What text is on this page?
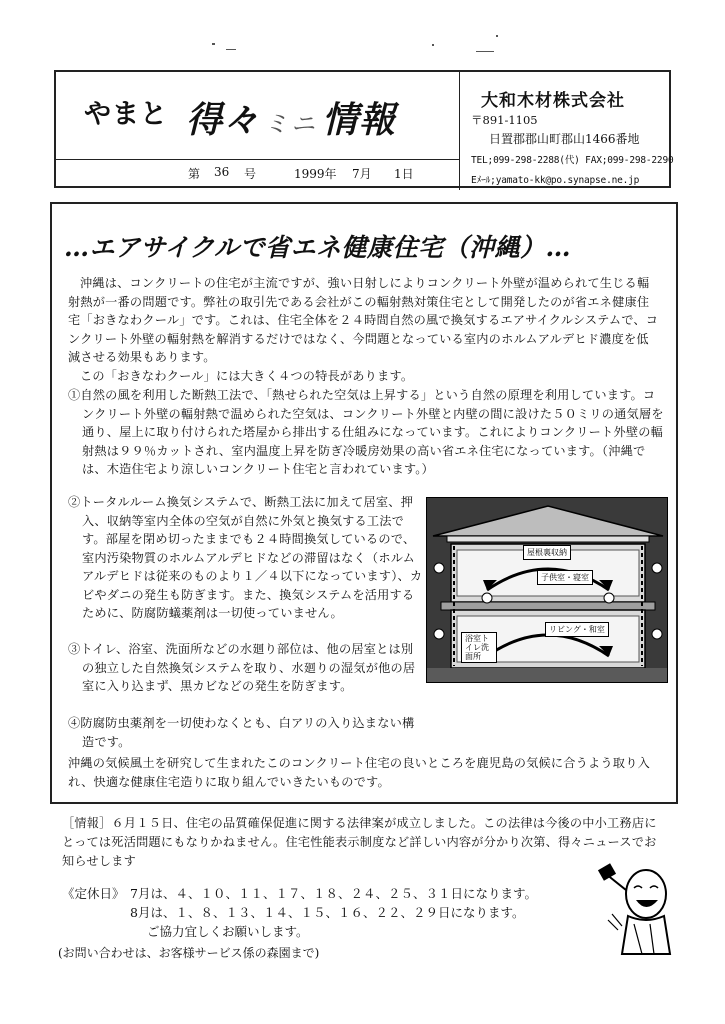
やまと 得々 ミニ 情報
第 36 号	1999年 7月 1日
大和木材株式会社
〒891-1105
日置郡郡山町郡山1466番地
TEL;099-298-2288(代) FAX;099-298-2290
Eﾒｰﾙ;yamato-kk@po.synapse.ne.jp
…エアサイクルで省エネ健康住宅（沖縄）…

沖縄は、コンクリートの住宅が主流ですが、強い日射しによりコンクリート外壁が温められて生じる輻射熱が一番の問題です。弊社の取引先である会社がこの輻射熱対策住宅として開発したのが省エネ健康住宅「おきなわクール」です。これは、住宅全体を２４時間自然の風で換気するエアサイクルシステムで、コンクリート外壁の輻射熱を解消するだけではなく、今問題となっている室内のホルムアルデヒド濃度を低減させる効果もあります。

この「おきなわクール」には大きく４つの特長があります。

①自然の風を利用した断熱工法で、「熱せられた空気は上昇する」という自然の原理を利用しています。コンクリート外壁の輻射熱で温められた空気は、コンクリート外壁と内壁の間に設けた５０ミリの通気層を通り、屋上に取り付けられた塔屋から排出する仕組みになっています。これによりコンクリート外壁の輻射熱は９９％カットされ、室内温度上昇を防ぎ冷暖房効果の高い省エネ住宅になっています。（沖縄では、木造住宅より涼しいコンクリート住宅と言われています。）

②トータルルーム換気システムで、断熱工法に加えて居室、押入、収納等室内全体の空気が自然に外気と換気する工法です。部屋を閉め切ったままでも２４時間換気しているので、室内汚染物質のホルムアルデヒドなどの滞留はなく（ホルムアルデヒドは従来のものより１／４以下になっています）、カビやダニの発生も防ぎます。また、換気システムを活用するために、防腐防蟻薬剤は一切使っていません。

③トイレ、浴室、洗面所などの水廻り部位は、他の居室とは別の独立した自然換気システムを取り、水廻りの湿気が他の居室に入り込まず、黒カビなどの発生を防ぎます。

④防腐防虫薬剤を一切使わなくとも、白アリの入り込まない構造です。

沖縄の気候風土を研究して生まれたこのコンクリート住宅の良いところを鹿児島の気候に合うよう取り入れ、快適な健康住宅造りに取り組んでいきたいものです。

屋根裏収納
子供室・寝室
リビング・和室
浴室トイレ洗面所

［情報］６月１５日、住宅の品質確保促進に関する法律案が成立しました。この法律は今後の中小工務店にとっては死活問題にもなりかねません。住宅性能表示制度など詳しい内容が分かり次第、得々ニュースでお知らせします

《定休日》 7月は、４、１０、１１、１７、１８、２４、２５、３１日になります。
8月は、１、８、１３、１４、１５、１６、２２、２９日になります。
ご協力宜しくお願いします。
(お問い合わせは、お客様サービス係の森園まで)
